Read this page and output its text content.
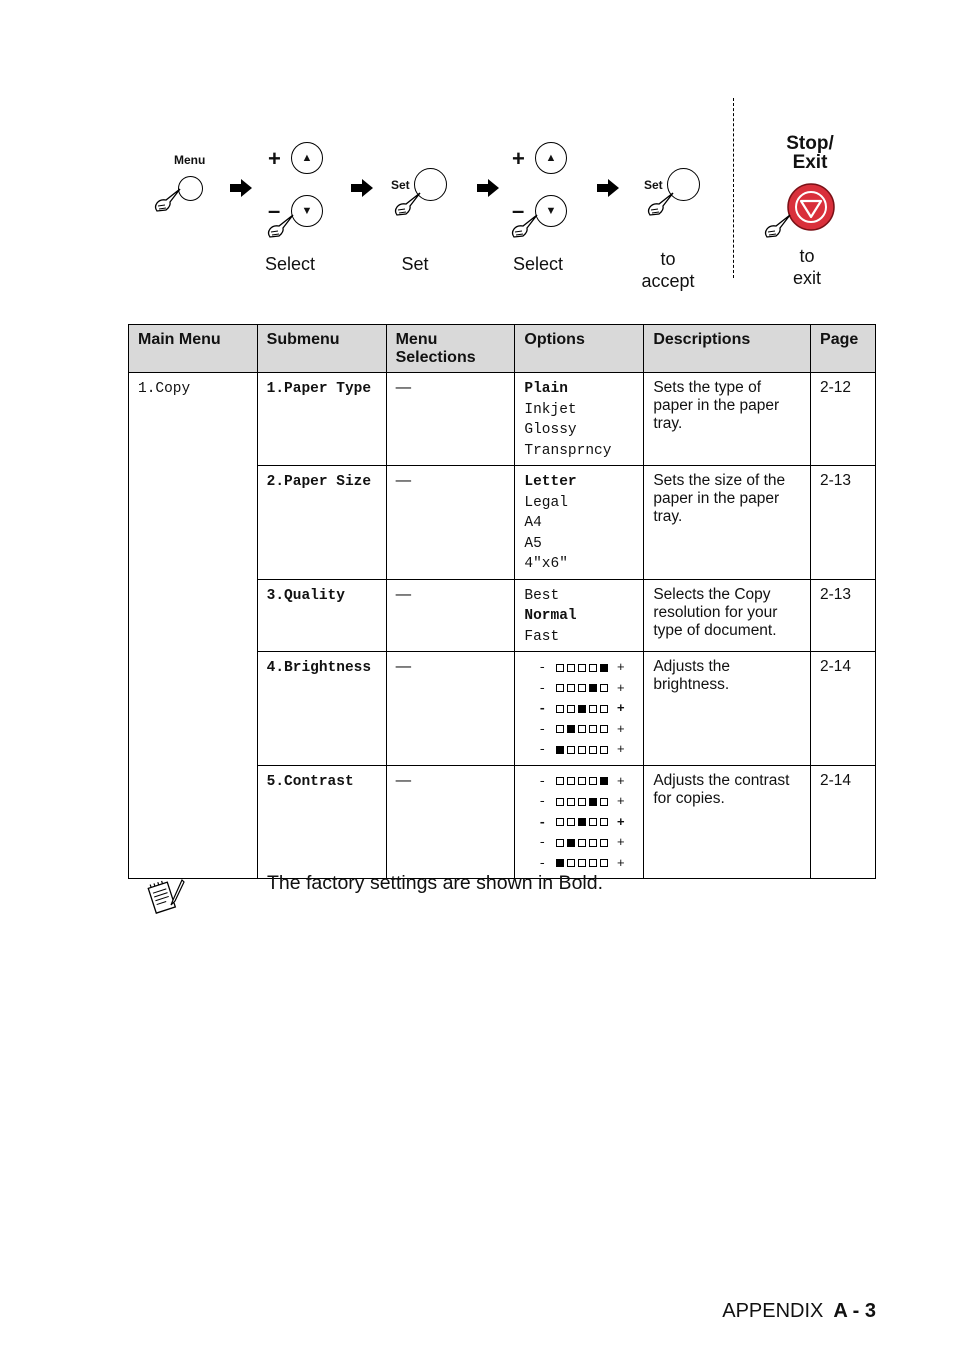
Menu	+ ▲
– ▼
Select
Set
Set
+ ▲
– ▼
Select
Set
to
accept
Stop/
Exit
to
exit
Main Menu	Submenu	Menu
Selections	Options	Descriptions	Page
1.Copy	1.Paper Type	—	Plain
Inkjet
Glossy
Transprncy	Sets the type of paper in the paper tray.	2-12
	2.Paper Size	—	Letter
Legal
A4
A5
4"x6"	Sets the size of the paper in the paper tray.	2-13
	3.Quality	—	Best
Normal
Fast	Selects the Copy resolution for your type of document.	2-13
	4.Brightness	—	- +
- +
- +
- +
- +	Adjusts the brightness.	2-14
	5.Contrast	—	- +
- +
- +
- +
- +	Adjusts the contrast for copies.	2-14
The factory settings are shown in Bold.
APPENDIX A - 3
